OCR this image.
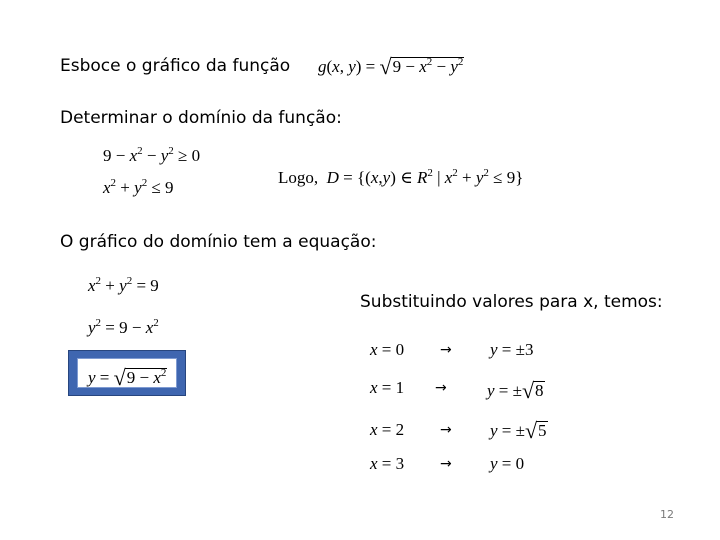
Esboce o gráfico da função g(x, $y) = √9 - x^2 - y^2$
Determinar o domínio da função:
$9 - x^2 - y^2 \ge 0$
$x^2 + y^2 \le 9$
Logo, D = {(x,y) ∈ $R^2$ | $x^2 + y^2 \le 9$}
O gráfico do domínio tem a equação:
$x^2 + y^2 = 9$
$y^2 = 9 - x^2$
$y = √9 - x^2$
Substituindo valores para x, temos:
x = 0	→ y = ±3
x = 1 → y = ±√8
x = 2	→ y = ±√5
x = 3	→ y = 0
12
